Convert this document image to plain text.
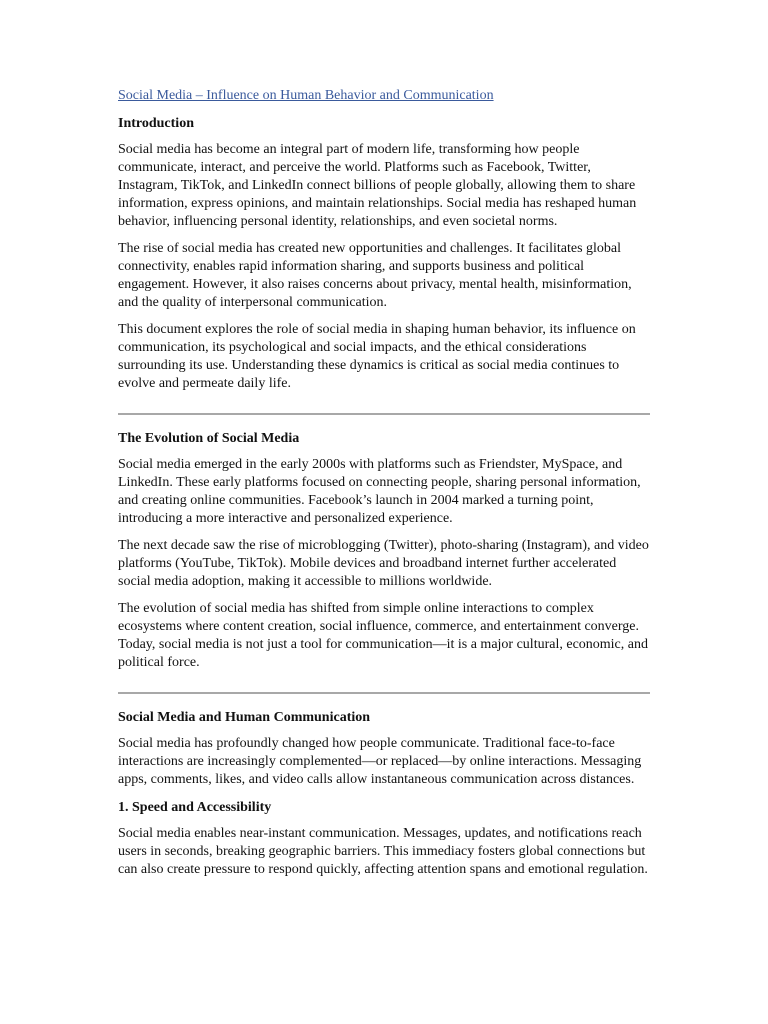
Social Media – Influence on Human Behavior and Communication
Introduction

Social media has become an integral part of modern life, transforming how people communicate, interact, and perceive the world. Platforms such as Facebook, Twitter, Instagram, TikTok, and LinkedIn connect billions of people globally, allowing them to share information, express opinions, and maintain relationships. Social media has reshaped human behavior, influencing personal identity, relationships, and even societal norms.

The rise of social media has created new opportunities and challenges. It facilitates global connectivity, enables rapid information sharing, and supports business and political engagement. However, it also raises concerns about privacy, mental health, misinformation, and the quality of interpersonal communication.

This document explores the role of social media in shaping human behavior, its influence on communication, its psychological and social impacts, and the ethical considerations surrounding its use. Understanding these dynamics is critical as social media continues to evolve and permeate daily life.

The Evolution of Social Media

Social media emerged in the early 2000s with platforms such as Friendster, MySpace, and LinkedIn. These early platforms focused on connecting people, sharing personal information, and creating online communities. Facebook’s launch in 2004 marked a turning point, introducing a more interactive and personalized experience.

The next decade saw the rise of microblogging (Twitter), photo-sharing (Instagram), and video platforms (YouTube, TikTok). Mobile devices and broadband internet further accelerated social media adoption, making it accessible to millions worldwide.

The evolution of social media has shifted from simple online interactions to complex ecosystems where content creation, social influence, commerce, and entertainment converge. Today, social media is not just a tool for communication—it is a major cultural, economic, and political force.

Social Media and Human Communication

Social media has profoundly changed how people communicate. Traditional face-to-face interactions are increasingly complemented—or replaced—by online interactions. Messaging apps, comments, likes, and video calls allow instantaneous communication across distances.

1. Speed and Accessibility

Social media enables near-instant communication. Messages, updates, and notifications reach users in seconds, breaking geographic barriers. This immediacy fosters global connections but can also create pressure to respond quickly, affecting attention spans and emotional regulation.
